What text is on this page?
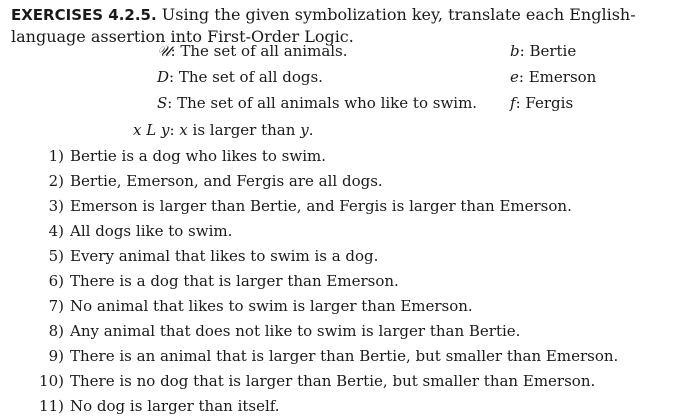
EXERCISES 4.2.5. Using the given symbolization key, translate each English-language assertion into First-Order Logic.
𝒰: The set of all animals.
D: The set of all dogs.
S: The set of all animals who like to swim.
b: Bertie
e: Emerson
f: Fergis
x L y: x is larger than y.
1) Bertie is a dog who likes to swim.
2) Bertie, Emerson, and Fergis are all dogs.
3) Emerson is larger than Bertie, and Fergis is larger than Emerson.
4) All dogs like to swim.
5) Every animal that likes to swim is a dog.
6) There is a dog that is larger than Emerson.
7) No animal that likes to swim is larger than Emerson.
8) Any animal that does not like to swim is larger than Bertie.
9) There is an animal that is larger than Bertie, but smaller than Emerson.
10) There is no dog that is larger than Bertie, but smaller than Emerson.
11) No dog is larger than itself.
